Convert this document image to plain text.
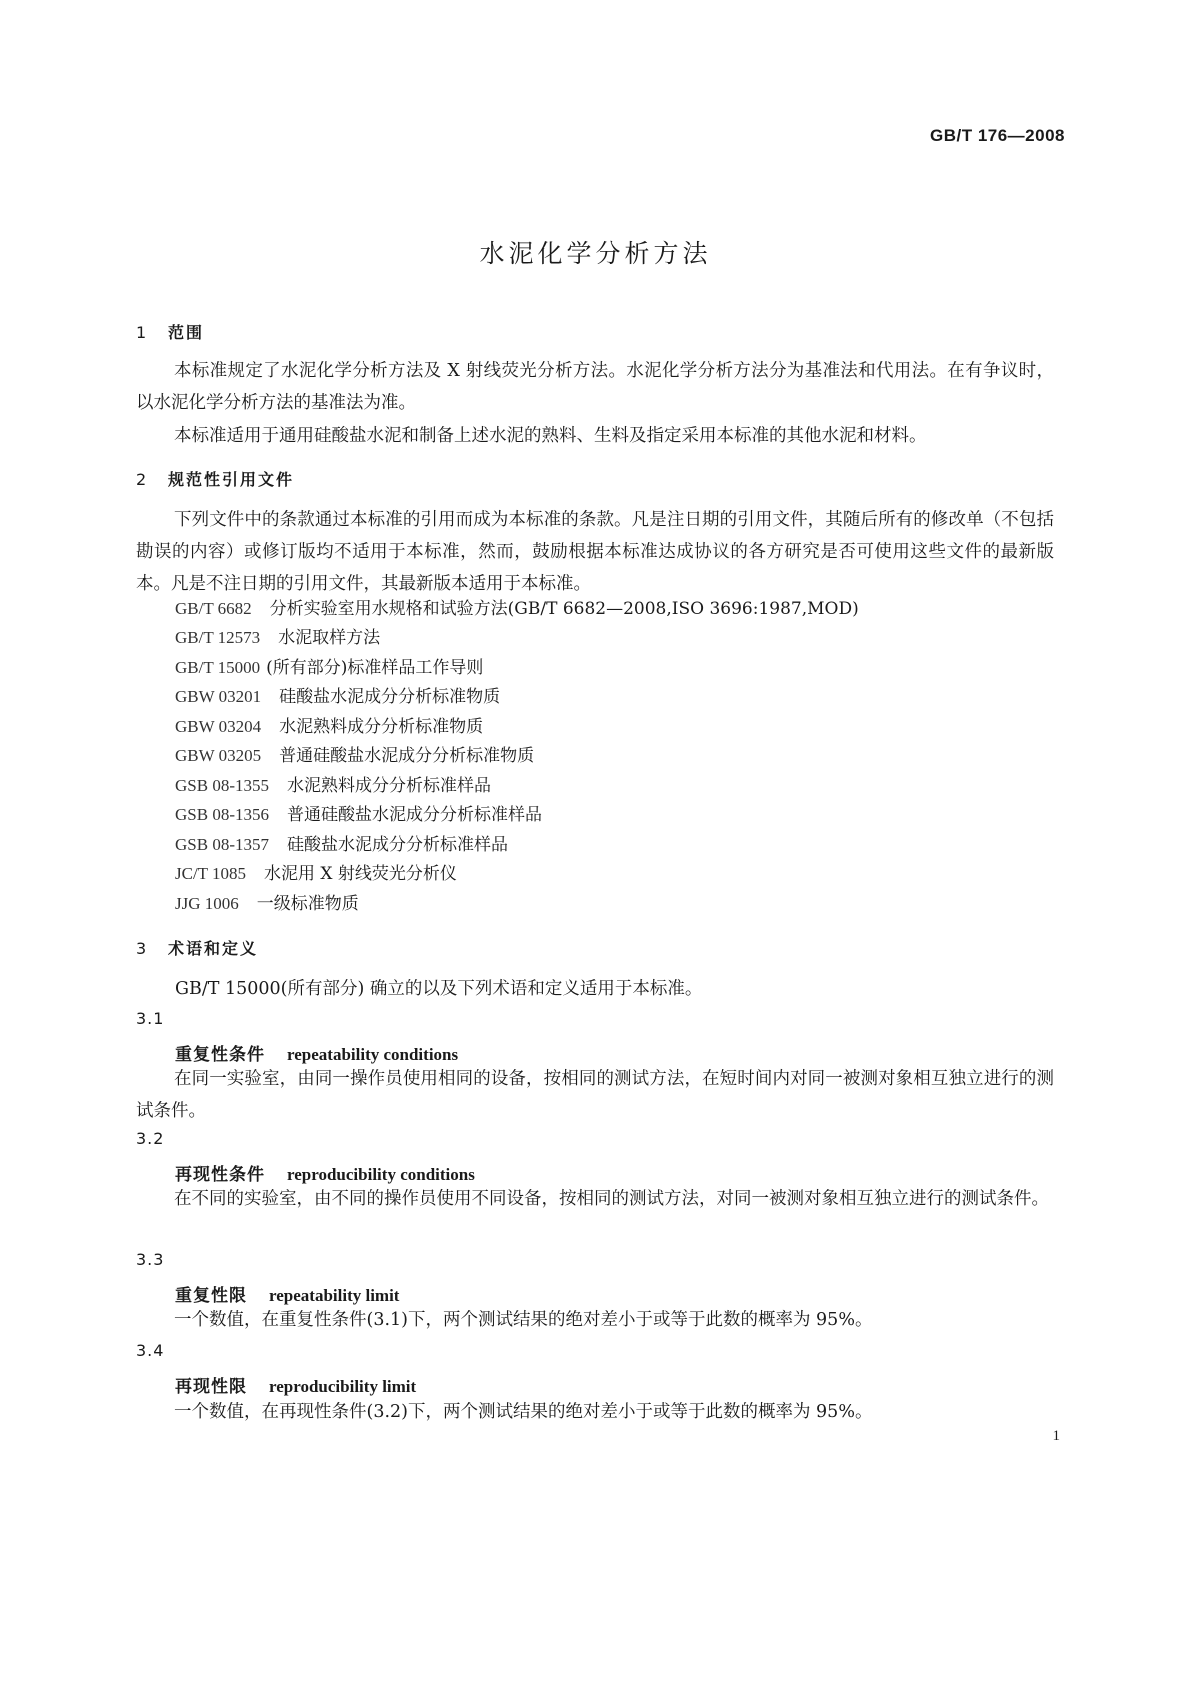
GB/T 176—2008
水泥化学分析方法
1 范围
本标准规定了水泥化学分析方法及 X 射线荧光分析方法。水泥化学分析方法分为基准法和代用法。在有争议时，以水泥化学分析方法的基准法为准。
本标准适用于通用硅酸盐水泥和制备上述水泥的熟料、生料及指定采用本标准的其他水泥和材料。
2 规范性引用文件
下列文件中的条款通过本标准的引用而成为本标准的条款。凡是注日期的引用文件，其随后所有的修改单（不包括勘误的内容）或修订版均不适用于本标准，然而，鼓励根据本标准达成协议的各方研究是否可使用这些文件的最新版本。凡是不注日期的引用文件，其最新版本适用于本标准。
GB/T 6682 分析实验室用水规格和试验方法(GB/T 6682—2008,ISO 3696:1987,MOD)
GB/T 12573 水泥取样方法
GB/T 15000 (所有部分)标准样品工作导则
GBW 03201 硅酸盐水泥成分分析标准物质
GBW 03204 水泥熟料成分分析标准物质
GBW 03205 普通硅酸盐水泥成分分析标准物质
GSB 08-1355 水泥熟料成分分析标准样品
GSB 08-1356 普通硅酸盐水泥成分分析标准样品
GSB 08-1357 硅酸盐水泥成分分析标准样品
JC/T 1085 水泥用 X 射线荧光分析仪
JJG 1006 一级标准物质
3 术语和定义
GB/T 15000(所有部分) 确立的以及下列术语和定义适用于本标准。
3.1
重复性条件 repeatability conditions
在同一实验室，由同一操作员使用相同的设备，按相同的测试方法，在短时间内对同一被测对象相互独立进行的测试条件。
3.2
再现性条件 reproducibility conditions
在不同的实验室，由不同的操作员使用不同设备，按相同的测试方法，对同一被测对象相互独立进行的测试条件。
3.3
重复性限 repeatability limit
一个数值，在重复性条件(3.1)下，两个测试结果的绝对差小于或等于此数的概率为 95%。
3.4
再现性限 reproducibility limit
一个数值，在再现性条件(3.2)下，两个测试结果的绝对差小于或等于此数的概率为 95%。
1
